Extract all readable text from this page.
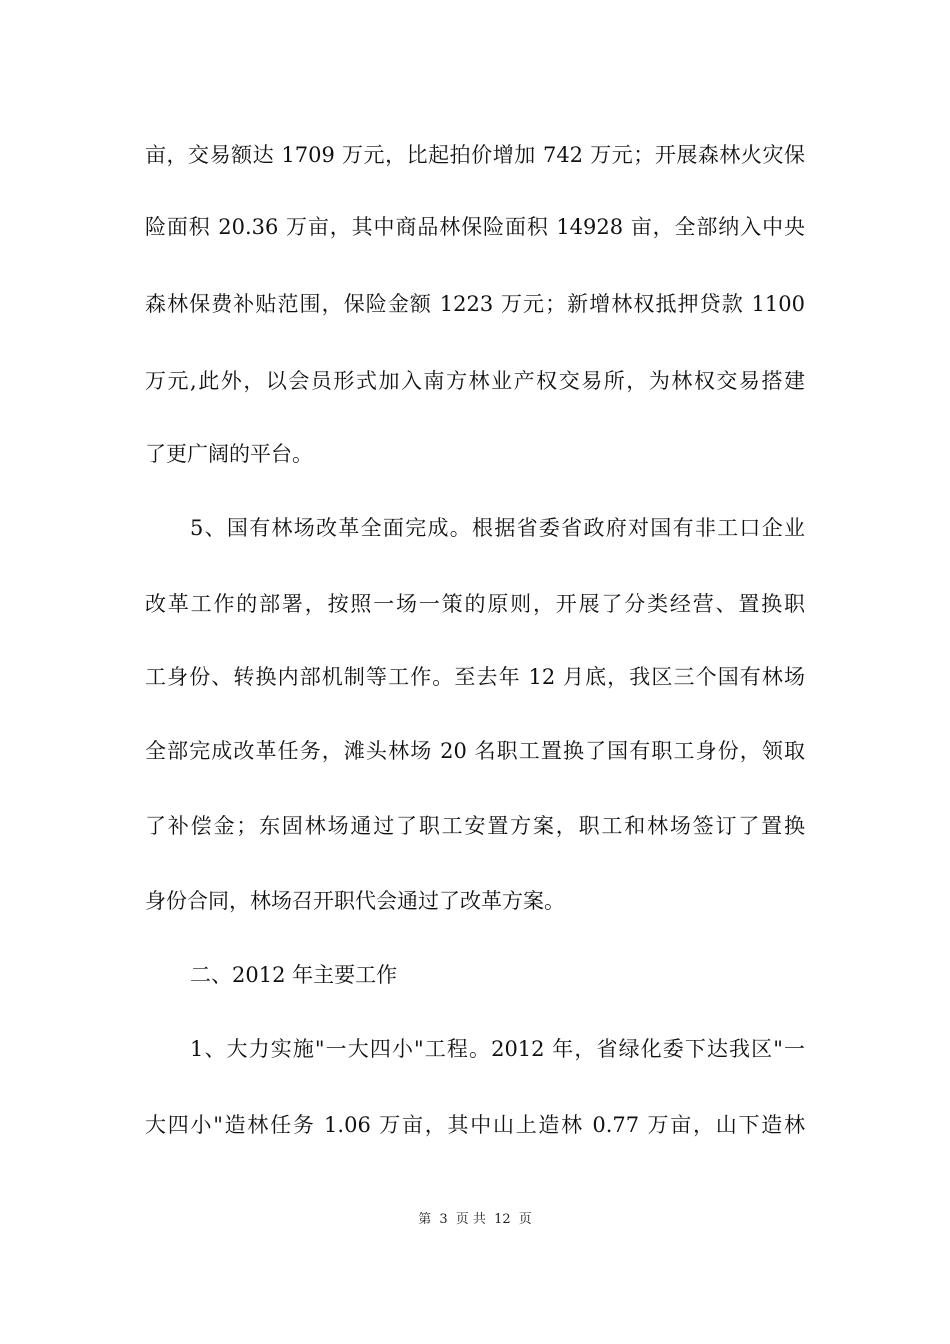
亩，交易额达 1709 万元，比起拍价增加 742 万元；开展森林火灾保
险面积 20.36 万亩，其中商品林保险面积 14928 亩，全部纳入中央
森林保费补贴范围，保险金额 1223 万元；新增林权抵押贷款 1100
万元,此外，以会员形式加入南方林业产权交易所，为林权交易搭建
了更广阔的平台。
5、国有林场改革全面完成。根据省委省政府对国有非工口企业
改革工作的部署，按照一场一策的原则，开展了分类经营、置换职
工身份、转换内部机制等工作。至去年 12 月底，我区三个国有林场
全部完成改革任务，滩头林场 20 名职工置换了国有职工身份，领取
了补偿金；东固林场通过了职工安置方案，职工和林场签订了置换
身份合同，林场召开职代会通过了改革方案。
二、2012 年主要工作
1、大力实施"一大四小"工程。2012 年，省绿化委下达我区"一
大四小"造林任务 1.06 万亩，其中山上造林 0.77 万亩，山下造林
第 3 页 共 12 页
